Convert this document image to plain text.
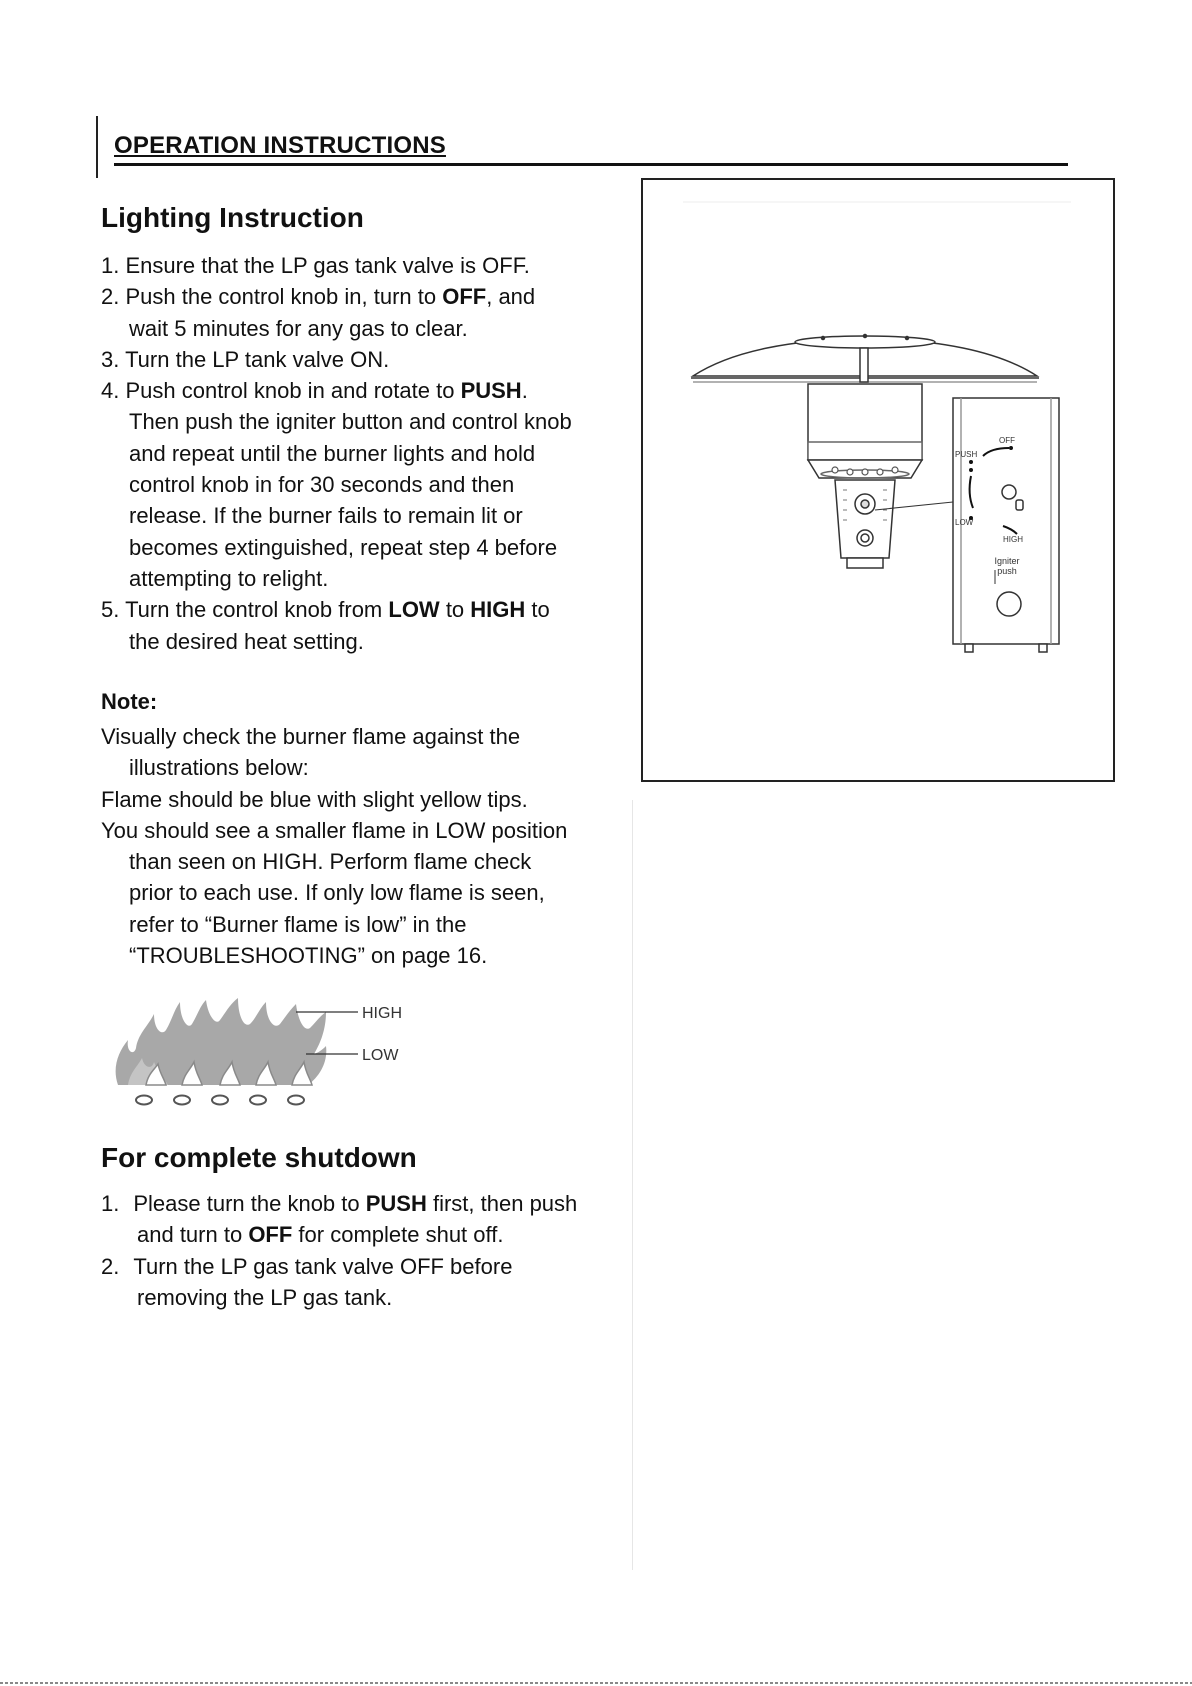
OPERATION INSTRUCTIONS
Lighting Instruction
1. Ensure that the LP gas tank valve is OFF.
2. Push the control knob in, turn to OFF, and
wait 5 minutes for any gas to clear.
3. Turn the LP tank valve ON.
4. Push control knob in and rotate to PUSH.
Then push the igniter button and control knob
and repeat until the burner lights and hold
control knob in for 30 seconds and then
release. If the burner fails to remain lit or
becomes extinguished, repeat step 4 before
attempting to relight.
5. Turn the control knob from LOW to HIGH to
the desired heat setting.
Note:
Visually check the burner flame against the
illustrations below:
Flame should be blue with slight yellow tips.
You should see a smaller flame in LOW position
than seen on HIGH. Perform flame check
prior to each use. If only low flame is seen,
refer to “Burner flame is low” in the
“TROUBLESHOOTING” on page 16.
HIGH
LOW
For complete shutdown
1. Please turn the knob to PUSH first, then push
and turn to OFF for complete shut off.
2. Turn the LP gas tank valve OFF before
removing the LP gas tank.
OFF
PUSH
LOW
HIGH
Igniter
push
